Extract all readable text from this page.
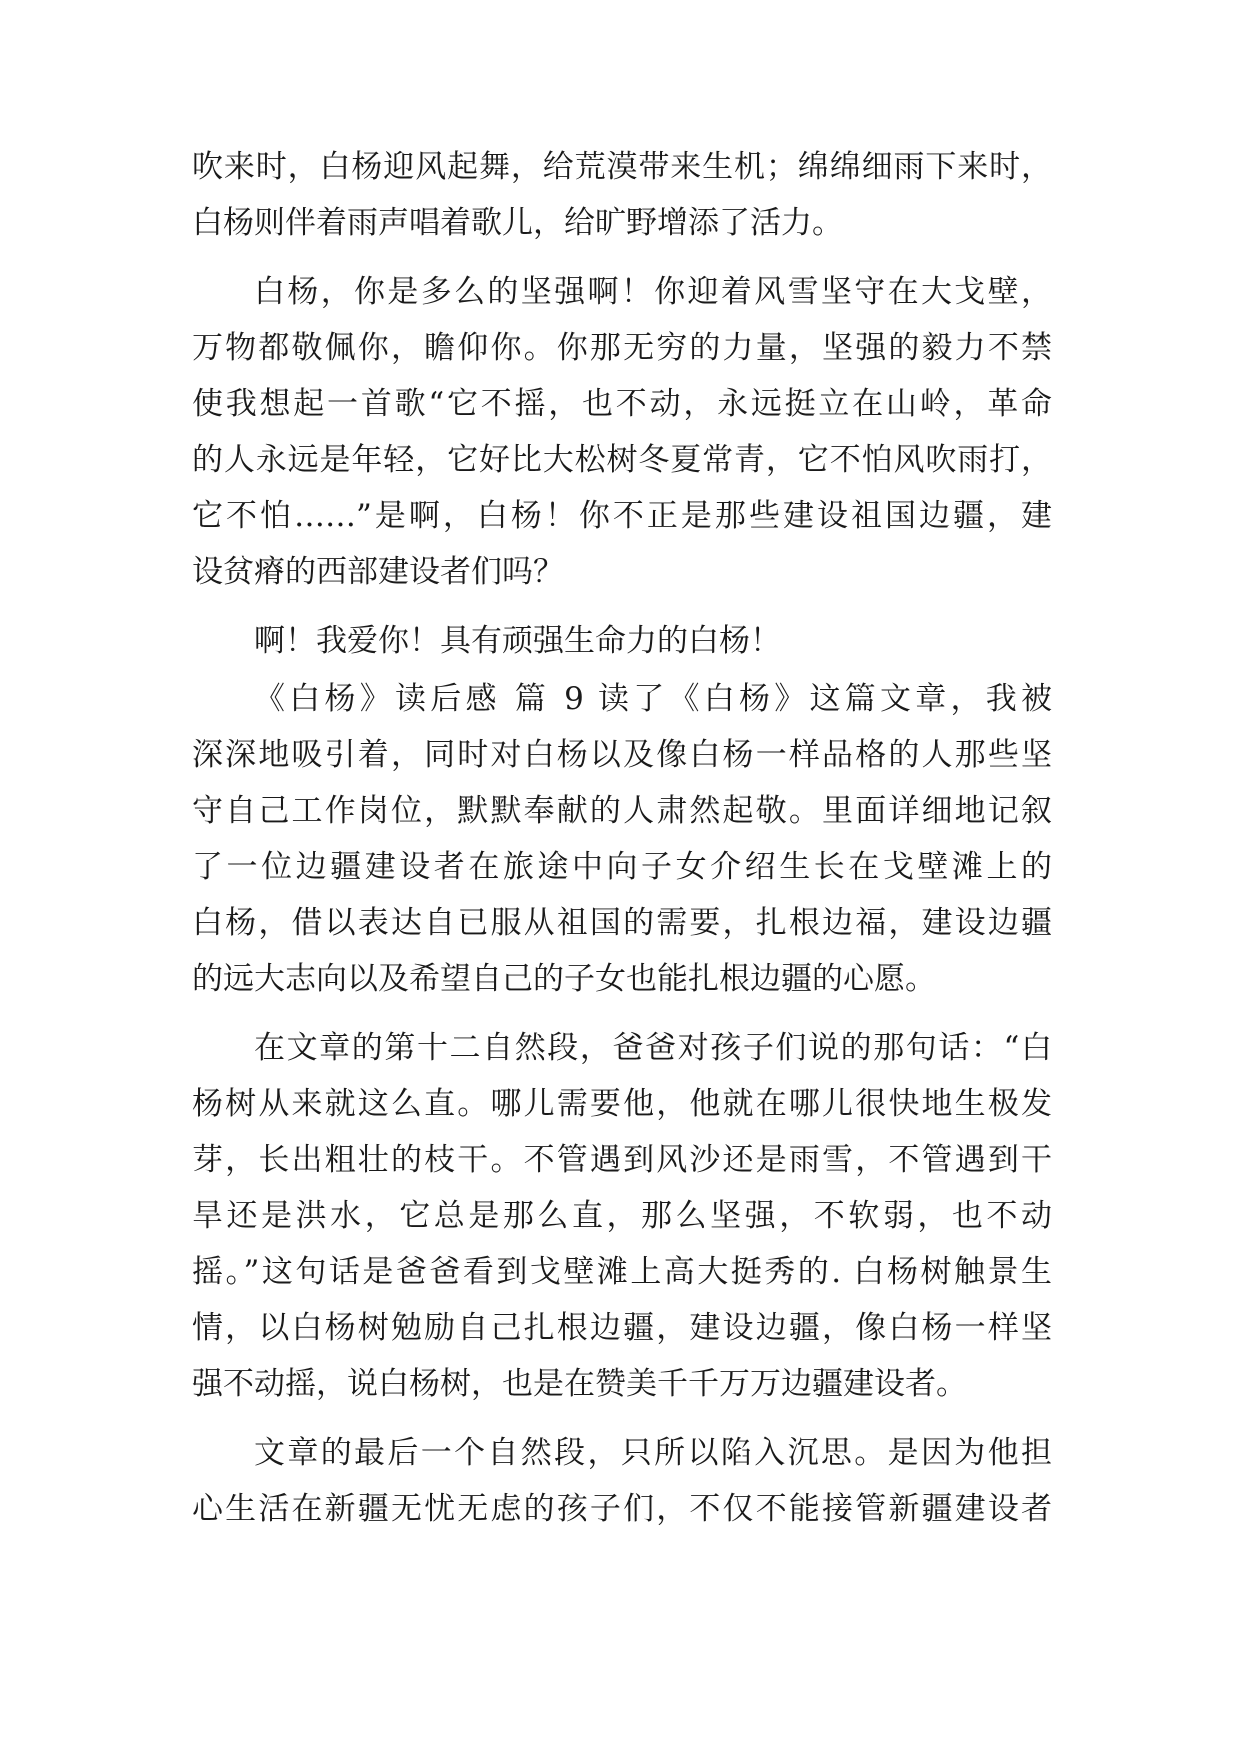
吹来时，白杨迎风起舞，给荒漠带来生机；绵绵细雨下来时，
白杨则伴着雨声唱着歌儿，给旷野增添了活力。
白杨，你是多么的坚强啊！你迎着风雪坚守在大戈壁，
万物都敬佩你，瞻仰你。你那无穷的力量，坚强的毅力不禁
使我想起一首歌“它不摇，也不动，永远挺立在山岭，革命
的人永远是年轻，它好比大松树冬夏常青，它不怕风吹雨打，
它不怕……”是啊，白杨！你不正是那些建设祖国边疆，建
设贫瘠的西部建设者们吗？
啊！我爱你！具有顽强生命力的白杨！
《白杨》读后感 篇 9 读了《白杨》这篇文章，我被
深深地吸引着，同时对白杨以及像白杨一样品格的人那些坚
守自己工作岗位，默默奉献的人肃然起敬。里面详细地记叙
了一位边疆建设者在旅途中向子女介绍生长在戈壁滩上的
白杨，借以表达自已服从祖国的需要，扎根边福，建设边疆
的远大志向以及希望自己的子女也能扎根边疆的心愿。
在文章的第十二自然段，爸爸对孩子们说的那句话：“白
杨树从来就这么直。哪儿需要他，他就在哪儿很快地生极发
芽，长出粗壮的枝干。不管遇到风沙还是雨雪，不管遇到干
旱还是洪水，它总是那么直，那么坚强，不软弱，也不动
摇。”这句话是爸爸看到戈壁滩上高大挺秀的. 白杨树触景生
情，以白杨树勉励自己扎根边疆，建设边疆，像白杨一样坚
强不动摇，说白杨树，也是在赞美千千万万边疆建设者。
文章的最后一个自然段，只所以陷入沉思。是因为他担
心生活在新疆无忧无虑的孩子们，不仅不能接管新疆建设者
